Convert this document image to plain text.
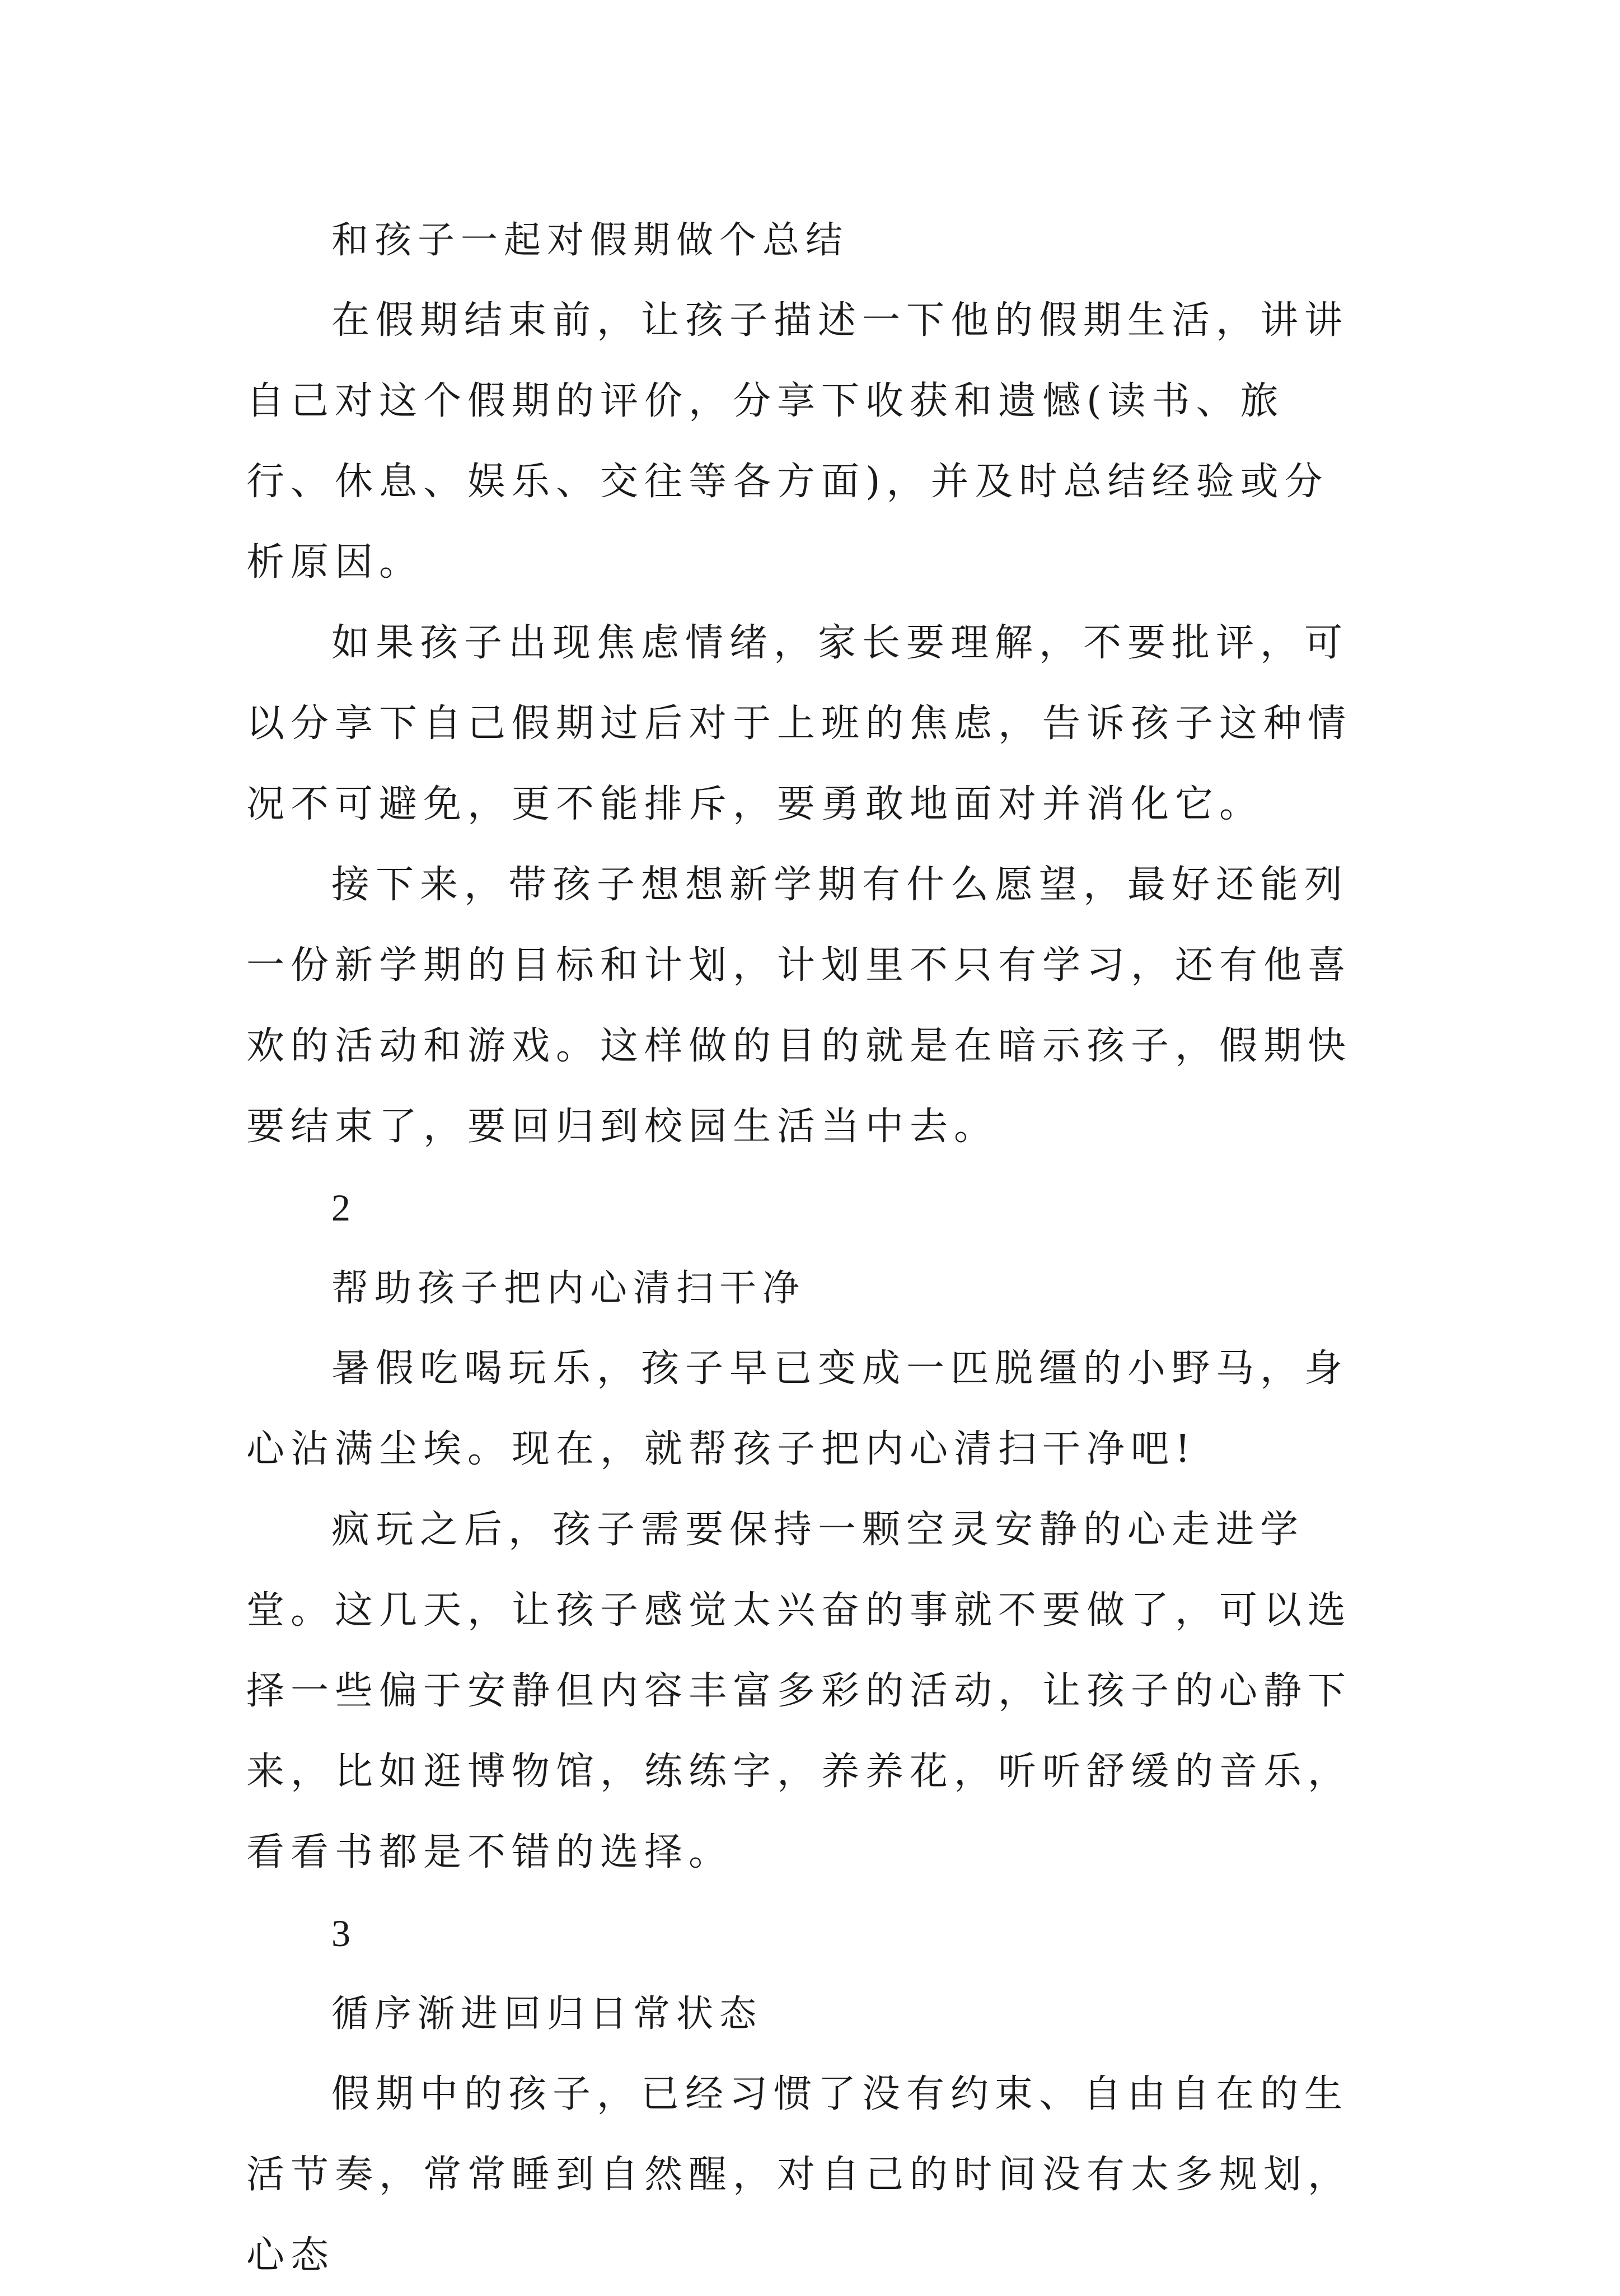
和孩子一起对假期做个总结

在假期结束前，让孩子描述一下他的假期生活，讲讲自己对这个假期的评价，分享下收获和遗憾(读书、旅行、休息、娱乐、交往等各方面)，并及时总结经验或分析原因。

如果孩子出现焦虑情绪，家长要理解，不要批评，可以分享下自己假期过后对于上班的焦虑，告诉孩子这种情况不可避免，更不能排斥，要勇敢地面对并消化它。

接下来，带孩子想想新学期有什么愿望，最好还能列一份新学期的目标和计划，计划里不只有学习，还有他喜欢的活动和游戏。这样做的目的就是在暗示孩子，假期快要结束了，要回归到校园生活当中去。

2

帮助孩子把内心清扫干净

暑假吃喝玩乐，孩子早已变成一匹脱缰的小野马，身心沾满尘埃。现在，就帮孩子把内心清扫干净吧!

疯玩之后，孩子需要保持一颗空灵安静的心走进学堂。这几天，让孩子感觉太兴奋的事就不要做了，可以选择一些偏于安静但内容丰富多彩的活动，让孩子的心静下来，比如逛博物馆，练练字，养养花，听听舒缓的音乐，看看书都是不错的选择。

3

循序渐进回归日常状态

假期中的孩子，已经习惯了没有约束、自由自在的生活节奏，常常睡到自然醒，对自己的时间没有太多规划，心态
